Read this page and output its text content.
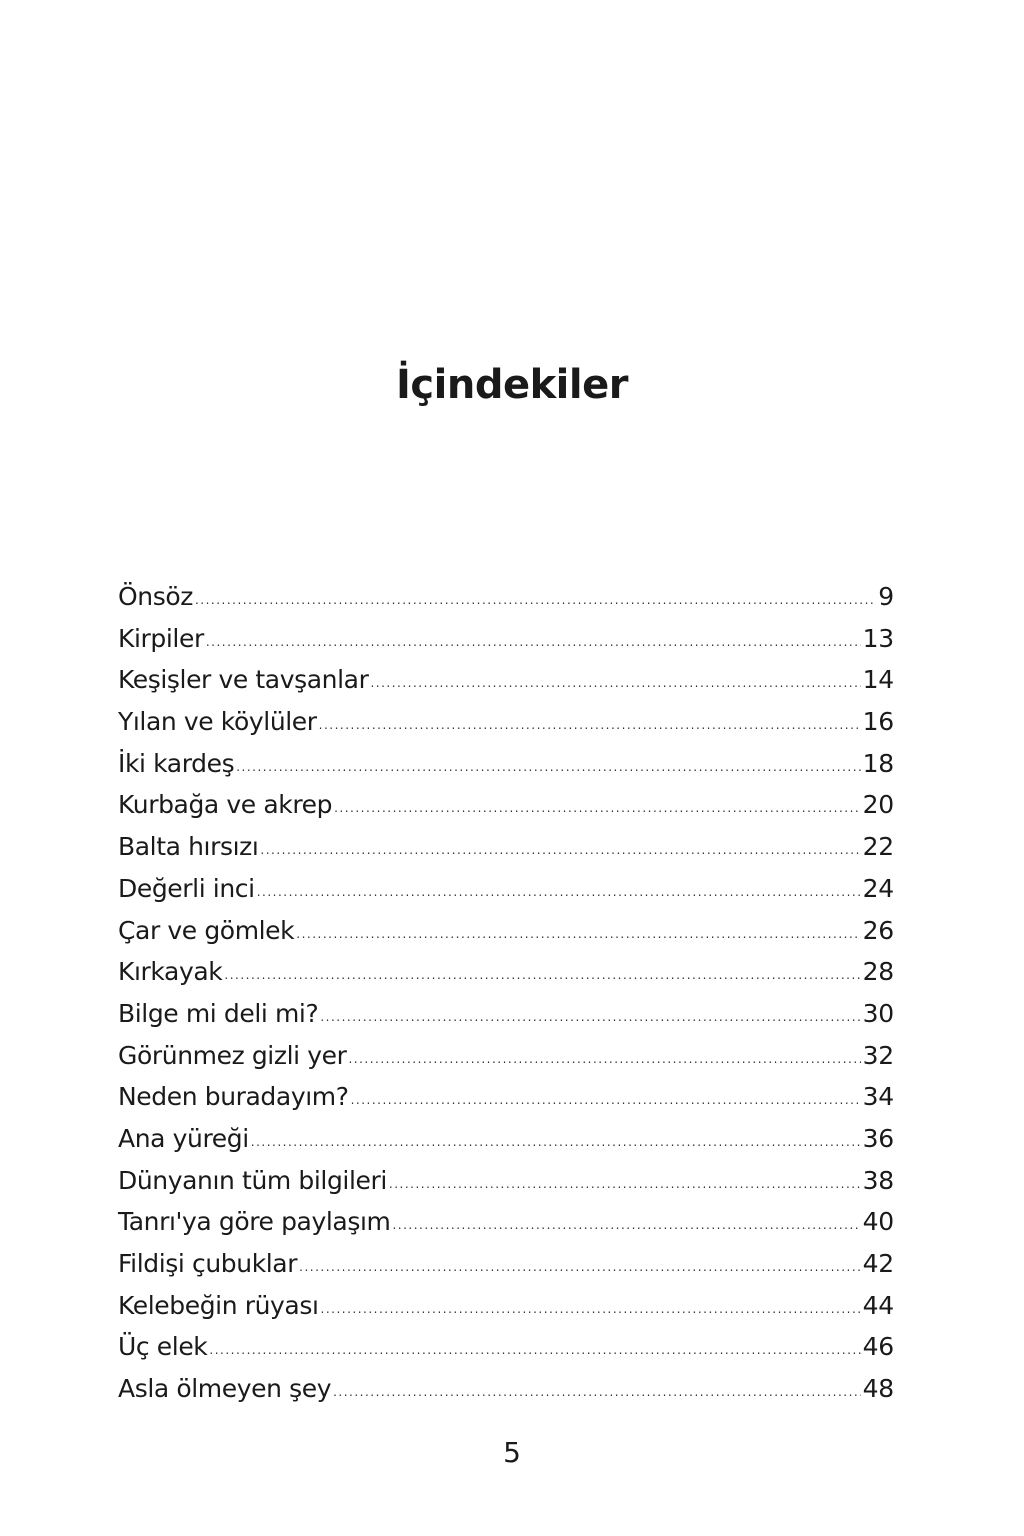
İçindekiler
Önsöz .....	9
Kirpiler .....	13
Keşişler ve tavşanlar .....	14
Yılan ve köylüler .....	16
İki kardeş .....	18
Kurbağa ve akrep .....	20
Balta hırsızı .....	22
Değerli inci .....	24
Çar ve gömlek .....	26
Kırkayak .....	28
Bilge mi deli mi? .....	30
Görünmez gizli yer .....	32
Neden buradayım? .....	34
Ana yüreği .....	36
Dünyanın tüm bilgileri .....	38
Tanrı'ya göre paylaşım .....	40
Fildişi çubuklar .....	42
Kelebeğin rüyası .....	44
Üç elek .....	46
Asla ölmeyen şey .....	48
5
